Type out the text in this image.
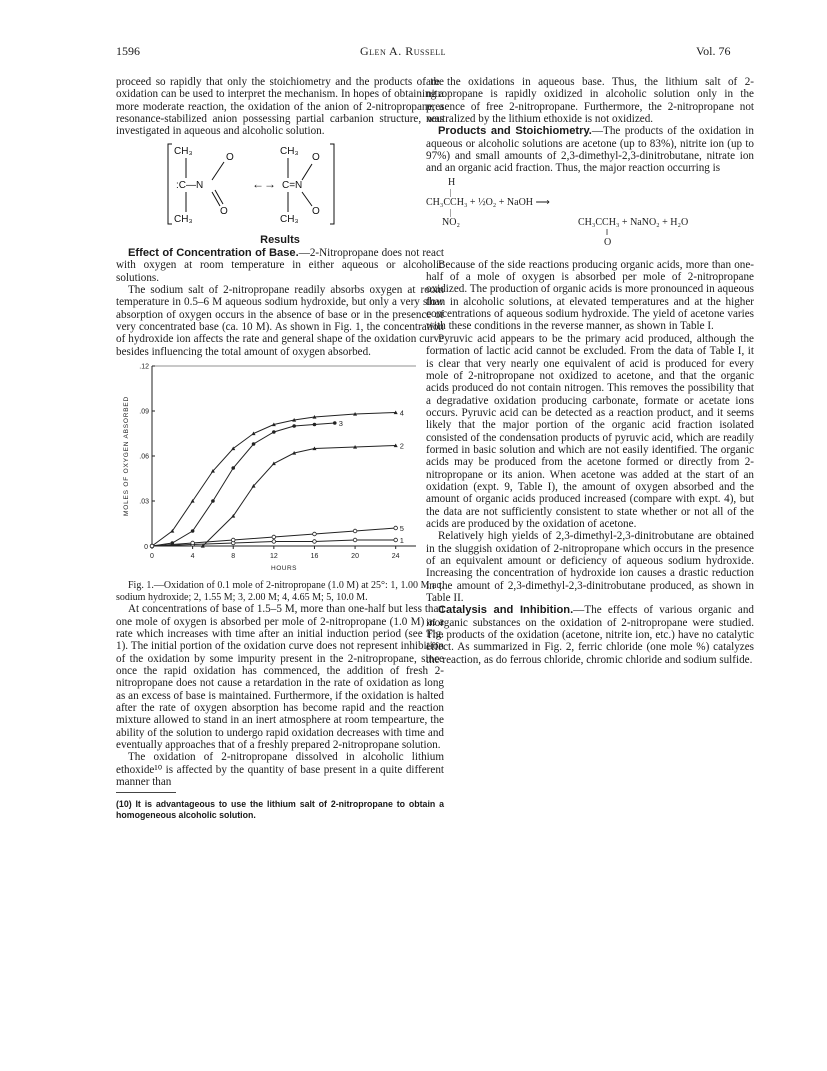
1596	Glen A. Russell	Vol. 76

proceed so rapidly that only the stoichiometry and the products of the oxidation can be used to interpret the mechanism. In hopes of obtaining a more moderate reaction, the oxidation of the anion of 2-nitropropane, a resonance-stabilized anion possessing partial carbanion structure, was investigated in aqueous and alcoholic solution.

CH₃
CH₃
:C—N
O
O
←→
CH₃
CH₃
C=N
O
O
Results

Effect of Concentration of Base.—2-Nitropropane does not react with oxygen at room temperature in either aqueous or alcoholic solutions.

The sodium salt of 2-nitropropane readily absorbs oxygen at room temperature in 0.5–6 M aqueous sodium hydroxide, but only a very slow absorption of oxygen occurs in the absence of base or in the presence of very concentrated base (ca. 10 M). As shown in Fig. 1, the concentration of hydroxide ion affects the rate and general shape of the oxidation curve besides influencing the total amount of oxygen absorbed.

0	4	8	12	16	20	24
.03
.06
.09
.12
0
HOURS
MOLES OF OXYGEN ABSORBED
1
2
3
4
5

Fig. 1.—Oxidation of 0.1 mole of 2-nitropropane (1.0 M) at 25°: 1, 1.00 M aq. sodium hydroxide; 2, 1.55 M; 3, 2.00 M; 4, 4.65 M; 5, 10.0 M.

At concentrations of base of 1.5–5 M, more than one-half but less than one mole of oxygen is absorbed per mole of 2-nitropropane (1.0 M) at a rate which increases with time after an initial induction period (see Fig. 1). The initial portion of the oxidation curve does not represent inhibition of the oxidation by some impurity present in the 2-nitropropane, since once the rapid oxidation has commenced, the addition of fresh 2-nitropropane does not cause a retardation in the rate of oxidation as long as an excess of base is maintained. Furthermore, if the oxidation is halted after the rate of oxygen absorption has become rapid and the reaction mixture allowed to stand in an inert atmosphere at room tempearture, the ability of the solution to undergo rapid oxidation decreases with time and eventually approaches that of a freshly prepared 2-nitropropane solution.

The oxidation of 2-nitropropane dissolved in alcoholic lithium ethoxide¹⁰ is affected by the quantity of base present in a quite different manner than

(10) It is advantageous to use the lithium salt of 2-nitropropane to obtain a homogeneous alcoholic solution.

are the oxidations in aqueous base. Thus, the lithium salt of 2-nitropropane is rapidly oxidized in alcoholic solution only in the presence of free 2-nitropropane. Furthermore, the 2-nitropropane not neutralized by the lithium ethoxide is not oxidized.

Products and Stoichiometry.—The products of the oxidation in aqueous or alcoholic solutions are acetone (up to 83%), nitrite ion (up to 97%) and small amounts of 2,3-dimethyl-2,3-dinitrobutane, nitrate ion and an organic acid fraction. Thus, the major reaction occurring is

H
|
CH₃CCH₃ + ½O₂ + NaOH ⟶
|
NO₂	CH₃CCH₃ + NaNO₂ + H₂O
‖
O

Because of the side reactions producing organic acids, more than one-half of a mole of oxygen is absorbed per mole of 2-nitropropane oxidized. The production of organic acids is more pronounced in aqueous than in alcoholic solutions, at elevated temperatures and at the higher concentrations of aqueous sodium hydroxide. The yield of acetone varies with these conditions in the reverse manner, as shown in Table I.

Pyruvic acid appears to be the primary acid produced, although the formation of lactic acid cannot be excluded. From the data of Table I, it is clear that very nearly one equivalent of acid is produced for every mole of 2-nitropropane not oxidized to acetone, and that the organic acids produced do not contain nitrogen. This removes the possibility that a degradative oxidation producing carbonate, formate or acetate ions occurs. Pyruvic acid can be detected as a reaction product, and it seems likely that the major portion of the organic acid fraction isolated consisted of the condensation products of pyruvic acid, which are readily formed in basic solution and which are not easily identified. The organic acids may be produced from the acetone formed or directly from 2-nitropropane or its anion. When acetone was added at the start of an oxidation (expt. 9, Table I), the amount of oxygen absorbed and the amount of organic acids produced increased (compare with expt. 4), but the data are not sufficiently consistent to state whether or not all of the acids are produced by the oxidation of acetone.

Relatively high yields of 2,3-dimethyl-2,3-dinitrobutane are obtained in the sluggish oxidation of 2-nitropropane which occurs in the presence of an equivalent amount or deficiency of aqueous sodium hydroxide. Increasing the concentration of hydroxide ion causes a drastic reduction in the amount of 2,3-dimethyl-2,3-dinitrobutane produced, as shown in Table II.

Catalysis and Inhibition.—The effects of various organic and inorganic substances on the oxidation of 2-nitropropane were studied. The products of the oxidation (acetone, nitrite ion, etc.) have no catalytic effect. As summarized in Fig. 2, ferric chloride (one mole %) catalyzes the reaction, as do ferrous chloride, chromic chloride and sodium sulfide.
